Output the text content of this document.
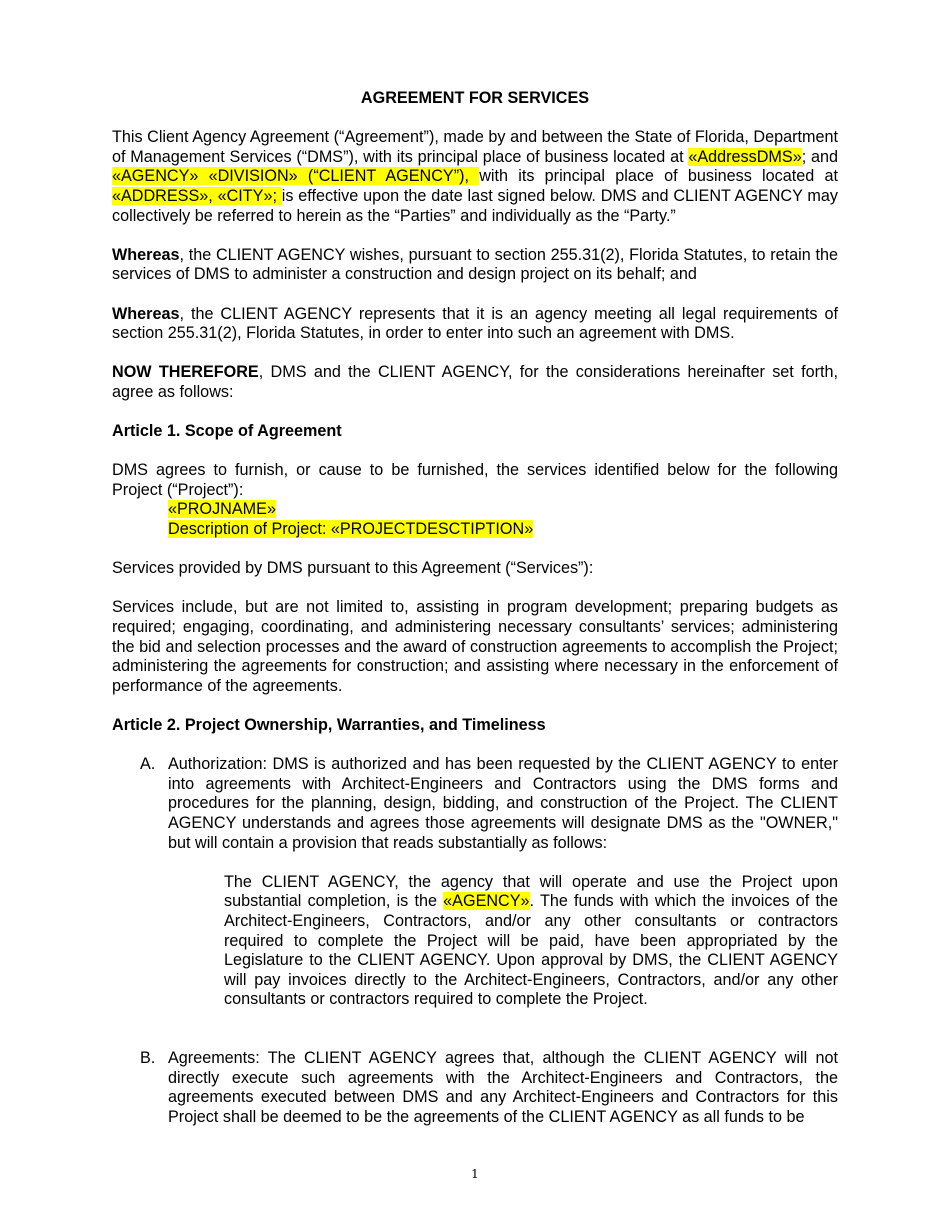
AGREEMENT FOR SERVICES

This Client Agency Agreement (“Agreement”), made by and between the State of Florida, Department of Management Services (“DMS”), with its principal place of business located at «AddressDMS»; and «AGENCY» «DIVISION» (“CLIENT AGENCY”), with its principal place of business located at «ADDRESS», «CITY»; is effective upon the date last signed below. DMS and CLIENT AGENCY may collectively be referred to herein as the “Parties” and individually as the “Party.”

Whereas, the CLIENT AGENCY wishes, pursuant to section 255.31(2), Florida Statutes, to retain the services of DMS to administer a construction and design project on its behalf; and

Whereas, the CLIENT AGENCY represents that it is an agency meeting all legal requirements of section 255.31(2), Florida Statutes, in order to enter into such an agreement with DMS.

NOW THEREFORE, DMS and the CLIENT AGENCY, for the considerations hereinafter set forth, agree as follows:

Article 1. Scope of Agreement

DMS agrees to furnish, or cause to be furnished, the services identified below for the following Project (“Project”):

«PROJNAME»
Description of Project: «PROJECTDESCTIPTION»

Services provided by DMS pursuant to this Agreement (“Services”):

Services include, but are not limited to, assisting in program development; preparing budgets as required; engaging, coordinating, and administering necessary consultants’ services; administering the bid and selection processes and the award of construction agreements to accomplish the Project; administering the agreements for construction; and assisting where necessary in the enforcement of performance of the agreements.

Article 2. Project Ownership, Warranties, and Timeliness

A. Authorization: DMS is authorized and has been requested by the CLIENT AGENCY to enter into agreements with Architect-Engineers and Contractors using the DMS forms and procedures for the planning, design, bidding, and construction of the Project. The CLIENT AGENCY understands and agrees those agreements will designate DMS as the "OWNER," but will contain a provision that reads substantially as follows:

The CLIENT AGENCY, the agency that will operate and use the Project upon substantial completion, is the «AGENCY». The funds with which the invoices of the Architect-Engineers, Contractors, and/or any other consultants or contractors required to complete the Project will be paid, have been appropriated by the Legislature to the CLIENT AGENCY. Upon approval by DMS, the CLIENT AGENCY will pay invoices directly to the Architect-Engineers, Contractors, and/or any other consultants or contractors required to complete the Project.

B. Agreements: The CLIENT AGENCY agrees that, although the CLIENT AGENCY will not directly execute such agreements with the Architect-Engineers and Contractors, the agreements executed between DMS and any Architect-Engineers and Contractors for this Project shall be deemed to be the agreements of the CLIENT AGENCY as all funds to be
1
